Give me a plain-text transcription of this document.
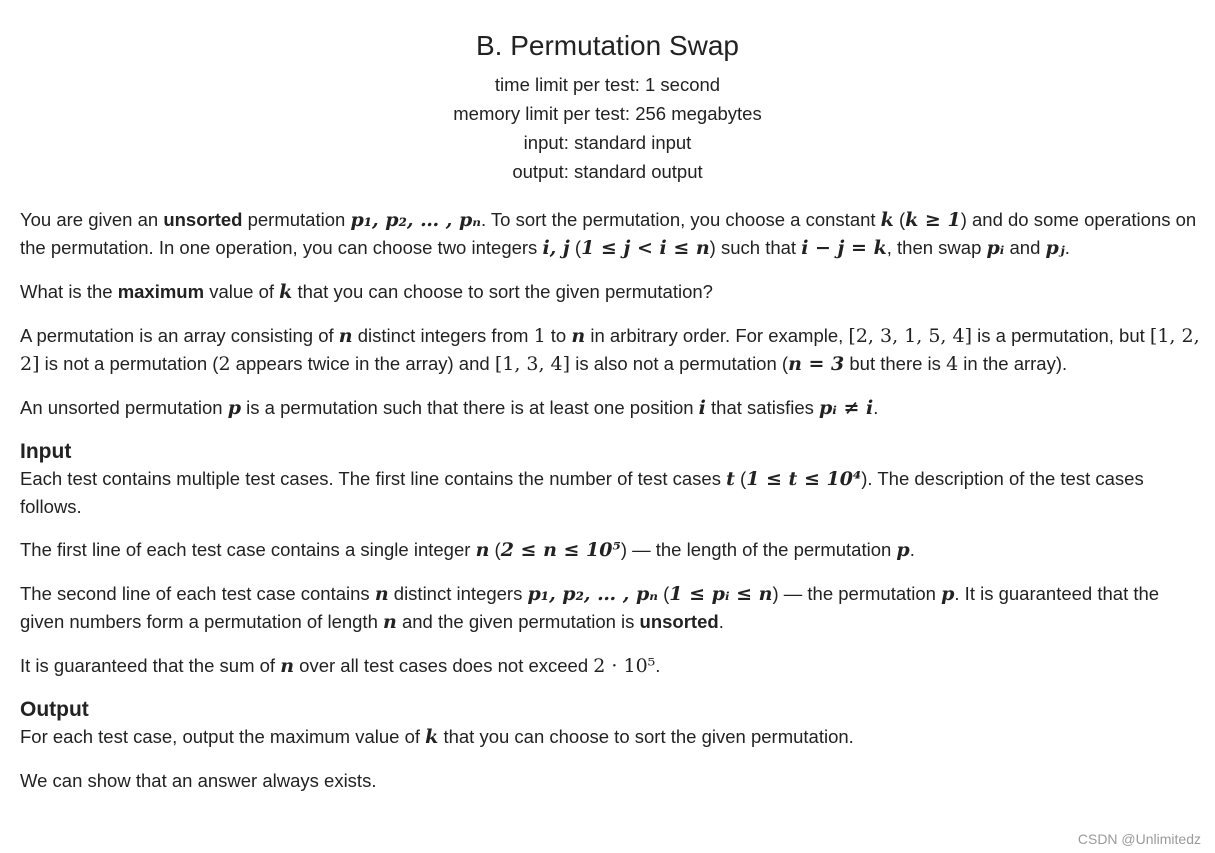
B. Permutation Swap
time limit per test: 1 second
memory limit per test: 256 megabytes
input: standard input
output: standard output

You are given an unsorted permutation p₁, p₂, … , pₙ. To sort the permutation, you choose a constant k (k ≥ 1) and do some operations on the permutation. In one operation, you can choose two integers i, j (1 ≤ j < i ≤ n) such that i − j = k, then swap pᵢ and pⱼ.

What is the maximum value of k that you can choose to sort the given permutation?

A permutation is an array consisting of n distinct integers from 1 to n in arbitrary order. For example, [2, 3, 1, 5, 4] is a permutation, but [1, 2, 2] is not a permutation (2 appears twice in the array) and [1, 3, 4] is also not a permutation (n = 3 but there is 4 in the array).

An unsorted permutation p is a permutation such that there is at least one position i that satisfies pᵢ ≠ i.

Input

Each test contains multiple test cases. The first line contains the number of test cases t (1 ≤ t ≤ 10⁴). The description of the test cases follows.

The first line of each test case contains a single integer n (2 ≤ n ≤ 10⁵) — the length of the permutation p.

The second line of each test case contains n distinct integers p₁, p₂, … , pₙ (1 ≤ pᵢ ≤ n) — the permutation p. It is guaranteed that the given numbers form a permutation of length n and the given permutation is unsorted.

It is guaranteed that the sum of n over all test cases does not exceed 2 · 10⁵.

Output

For each test case, output the maximum value of k that you can choose to sort the given permutation.

We can show that an answer always exists.

CSDN @Unlimitedz
